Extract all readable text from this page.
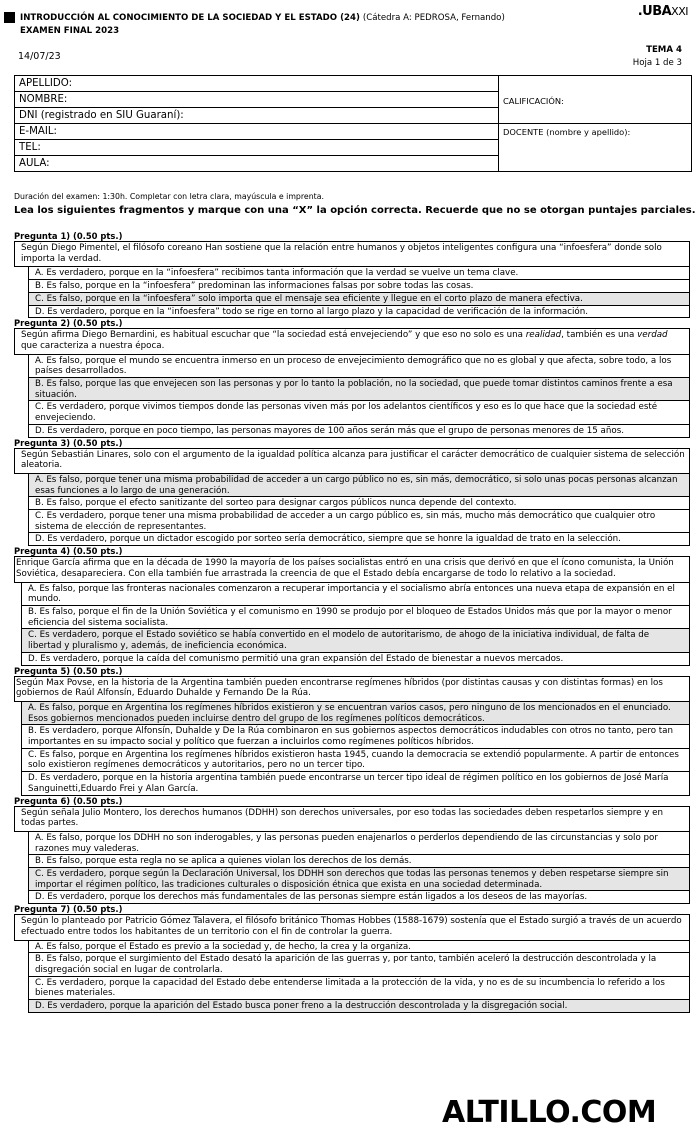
INTRODUCCIÓN AL CONOCIMIENTO DE LA SOCIEDAD Y EL ESTADO (24) (Cátedra A: PEDROSA, Fernando)
EXAMEN FINAL 2023
.UBAXXI
14/07/23
TEMA 4
Hoja 1 de 3
APELLIDO:	CALIFICACIÓN:
NOMBRE:	
DNI (registrado en SIU Guaraní):	
E-MAIL:	DOCENTE (nombre y apellido):
TEL:	
AULA:	
Duración del examen: 1:30h. Completar con letra clara, mayúscula e imprenta.
Lea los siguientes fragmentos y marque con una “X” la opción correcta. Recuerde que no se otorgan puntajes parciales.
Pregunta 1) (0.50 pts.)
Según Diego Pimentel, el filósofo coreano Han sostiene que la relación entre humanos y objetos inteligentes configura una “infoesfera” donde solo importa la verdad.
A. Es verdadero, porque en la “infoesfera” recibimos tanta información que la verdad se vuelve un tema clave.
B. Es falso, porque en la “infoesfera” predominan las informaciones falsas por sobre todas las cosas.
C. Es falso, porque en la “infoesfera” solo importa que el mensaje sea eficiente y llegue en el corto plazo de manera efectiva.
D. Es verdadero, porque en la “infoesfera” todo se rige en torno al largo plazo y la capacidad de verificación de la información.
Pregunta 2) (0.50 pts.)
Según afirma Diego Bernardini, es habitual escuchar que “la sociedad está envejeciendo” y que eso no solo es una realidad, también es una verdad que caracteriza a nuestra época.
A. Es falso, porque el mundo se encuentra inmerso en un proceso de envejecimiento demográfico que no es global y que afecta, sobre todo, a los países desarrollados.
B. Es falso, porque las que envejecen son las personas y por lo tanto la población, no la sociedad, que puede tomar distintos caminos frente a esa situación.
C. Es verdadero, porque vivimos tiempos donde las personas viven más por los adelantos científicos y eso es lo que hace que la sociedad esté envejeciendo.
D. Es verdadero, porque en poco tiempo, las personas mayores de 100 años serán más que el grupo de personas menores de 15 años.
Pregunta 3) (0.50 pts.)
Según Sebastián Linares, solo con el argumento de la igualdad política alcanza para justificar el carácter democrático de cualquier sistema de selección aleatoria.
A. Es falso, porque tener una misma probabilidad de acceder a un cargo público no es, sin más, democrático, si solo unas pocas personas alcanzan esas funciones a lo largo de una generación.
B. Es falso, porque el efecto sanitizante del sorteo para designar cargos públicos nunca depende del contexto.
C. Es verdadero, porque tener una misma probabilidad de acceder a un cargo público es, sin más, mucho más democrático que cualquier otro sistema de elección de representantes.
D. Es verdadero, porque un dictador escogido por sorteo sería democrático, siempre que se honre la igualdad de trato en la selección.
Pregunta 4) (0.50 pts.)
Enrique García afirma que en la década de 1990 la mayoría de los países socialistas entró en una crisis que derivó en que el ícono comunista, la Unión Soviética, desapareciera. Con ella también fue arrastrada la creencia de que el Estado debía encargarse de todo lo relativo a la sociedad.
A. Es falso, porque las fronteras nacionales comenzaron a recuperar importancia y el socialismo abría entonces una nueva etapa de expansión en el mundo.
B. Es falso, porque el fin de la Unión Soviética y el comunismo en 1990 se produjo por el bloqueo de Estados Unidos más que por la mayor o menor eficiencia del sistema socialista.
C. Es verdadero, porque el Estado soviético se había convertido en el modelo de autoritarismo, de ahogo de la iniciativa individual, de falta de libertad y pluralismo y, además, de ineficiencia económica.
D. Es verdadero, porque la caída del comunismo permitió una gran expansión del Estado de bienestar a nuevos mercados.
Pregunta 5) (0.50 pts.)
Según Max Povse, en la historia de la Argentina también pueden encontrarse regímenes híbridos (por distintas causas y con distintas formas) en los gobiernos de Raúl Alfonsín, Eduardo Duhalde y Fernando De la Rúa.
A. Es falso, porque en Argentina los regímenes híbridos existieron y se encuentran varios casos, pero ninguno de los mencionados en el enunciado. Esos gobiernos mencionados pueden incluirse dentro del grupo de los regímenes políticos democráticos.
B. Es verdadero, porque Alfonsín, Duhalde y De la Rúa combinaron en sus gobiernos aspectos democráticos indudables con otros no tanto, pero tan importantes en su impacto social y político que fuerzan a incluirlos como regímenes políticos híbridos.
C. Es falso, porque en Argentina los regímenes híbridos existieron hasta 1945, cuando la democracia se extendió popularmente. A partir de entonces solo existieron regímenes democráticos y autoritarios, pero no un tercer tipo.
D. Es verdadero, porque en la historia argentina también puede encontrarse un tercer tipo ideal de régimen político en los gobiernos de José María Sanguinetti,Eduardo Frei y Alan García.
Pregunta 6) (0.50 pts.)
Según señala Julio Montero, los derechos humanos (DDHH) son derechos universales, por eso todas las sociedades deben respetarlos siempre y en todas partes.
A. Es falso, porque los DDHH no son inderogables, y las personas pueden enajenarlos o perderlos dependiendo de las circunstancias y solo por razones muy valederas.
B. Es falso, porque esta regla no se aplica a quienes violan los derechos de los demás.
C. Es verdadero, porque según la Declaración Universal, los DDHH son derechos que todas las personas tenemos y deben respetarse siempre sin importar el régimen político, las tradiciones culturales o disposición étnica que exista en una sociedad determinada.
D. Es verdadero, porque los derechos más fundamentales de las personas siempre están ligados a los deseos de las mayorías.
Pregunta 7) (0.50 pts.)
Según lo planteado por Patricio Gómez Talavera, el filósofo británico Thomas Hobbes (1588-1679) sostenía que el Estado surgió a través de un acuerdo efectuado entre todos los habitantes de un territorio con el fin de controlar la guerra.
A. Es falso, porque el Estado es previo a la sociedad y, de hecho, la crea y la organiza.
B. Es falso, porque el surgimiento del Estado desató la aparición de las guerras y, por tanto, también aceleró la destrucción descontrolada y la disgregación social en lugar de controlarla.
C. Es verdadero, porque la capacidad del Estado debe entenderse limitada a la protección de la vida, y no es de su incumbencia lo referido a los bienes materiales.
D. Es verdadero, porque la aparición del Estado busca poner freno a la destrucción descontrolada y la disgregación social.
ALTILLO.COM
